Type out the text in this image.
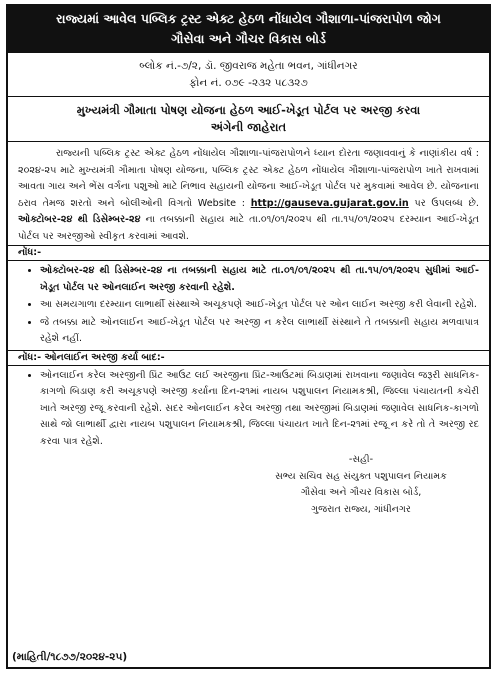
રાજ્યમાં આવેલ પબ્લિક ટ્રસ્ટ એક્ટ હેઠળ નોંધાયેલ ગૌશાળા-પાંજરાપોળ જોગ
ગૌસેવા અને ગૌચર વિકાસ બોર્ડ
બ્લોક નં.-૭/૨, ડૉ. જીવરાજ મહેતા ભવન, ગાંધીનગર
ફોન નં. ૦૭૯ -૨૩૨ ૫૮૩૨૭
મુખ્યમંત્રી ગૌમાતા પોષણ યોજના હેઠળ આઈ-ખેડૂત પોર્ટલ પર અરજી કરવા
અંગેની જાહેરાત

રાજ્યની પબ્લિક ટ્રસ્ટ એક્ટ હેઠળ નોંધાયેલ ગૌશાળા-પાંજરાપોળને ધ્યાન દોરતા જણાવવાનું કે નાણાંકીય વર્ષ : ૨૦૨૪-૨૫ માટે મુખ્યમંત્રી ગૌમાતા પોષણ યોજના, પબ્લિક ટ્રસ્ટ એક્ટ હેઠળ નોંધાયેલ ગૌશાળા-પાંજરાપોળ ખાતે રાખવામાં આવતા ગાય અને ભેંસ વર્ગના પશુઓ માટે નિભાવ સહાયની યોજના આઈ-ખેડૂત પોર્ટલ પર મુકવામાં આવેલ છે. યોજનાના ઠરાવ તેમજ શરતો અને બોલીઓની વિગતો Website : http://gauseva.gujarat.gov.in પર ઉપલબ્ધ છે. ઓક્ટોબર-૨૪ થી ડિસેમ્બર-૨૪ ના તબક્કાની સહાય માટે તા.૦૧/૦૧/૨૦૨૫ થી તા.૧૫/૦૧/૨૦૨૫ દરમ્યાન આઈ-ખેડૂત પોર્ટલ પર અરજીઓ સ્વીકૃત કરવામાં આવશે.

નોંધ:-
• ઓક્ટોબર-૨૪ થી ડિસેમ્બર-૨૪ ના તબક્કાની સહાય માટે તા.૦૧/૦૧/૨૦૨૫ થી તા.૧૫/૦૧/૨૦૨૫ સુધીમાં આઈ-ખેડૂત પોર્ટલ પર ઓનલાઈન અરજી કરવાની રહેશે.
• આ સમયગાળા દરમ્યાન લાભાર્થી સંસ્થાએ અચૂકપણે આઈ-ખેડૂત પોર્ટલ પર ઓન લાઈન અરજી કરી લેવાની રહેશે.
• જે તબક્કા માટે ઓનલાઈન આઈ-ખેડૂત પોર્ટલ પર અરજી ન કરેલ લાભાર્થી સંસ્થાને તે તબક્કાની સહાય મળવાપાત્ર રહેશે નહીં.
નોંધ:- ઓનલાઈન અરજી કર્યા બાદ:-
• ઓનલાઈન કરેલ અરજીની પ્રિંટ આઉટ લઈ અરજીના પ્રિંટ-આઉટમાં બિડાણમાં રાખવાના જણાવેલ જરૂરી સાધનિક-કાગળો બિડાણ કરી અચૂકપણે અરજી કર્યાના દિન-૨૧માં નાયબ પશુપાલન નિયામકશ્રી, જિલ્લા પંચાયતની કચેરી ખાતે અરજી રજૂ કરવાની રહેશે. સદર ઓનલાઈન કરેલ અરજી તથા અરજીમાં બિડાણમાં જણાવેલ સાધનિક-કાગળો સાથે જો લાભાર્થી દ્વારા નાયબ પશુપાલન નિયામકશ્રી, જિલ્લા પંચાયત ખાતે દિન-૨૧માં રજૂ ન કરે તો તે અરજી રદ કરવા પાત્ર રહેશે.
-સહી-
સભ્ય સચિવ સહ સંયુક્ત પશુપાલન નિયામક
ગૌસેવા અને ગૌચર વિકાસ બોર્ડ,
ગુજરાત રાજ્ય, ગાંધીનગર
(માહિતી/૧૮૭૭/૨૦૨૪-૨૫)
